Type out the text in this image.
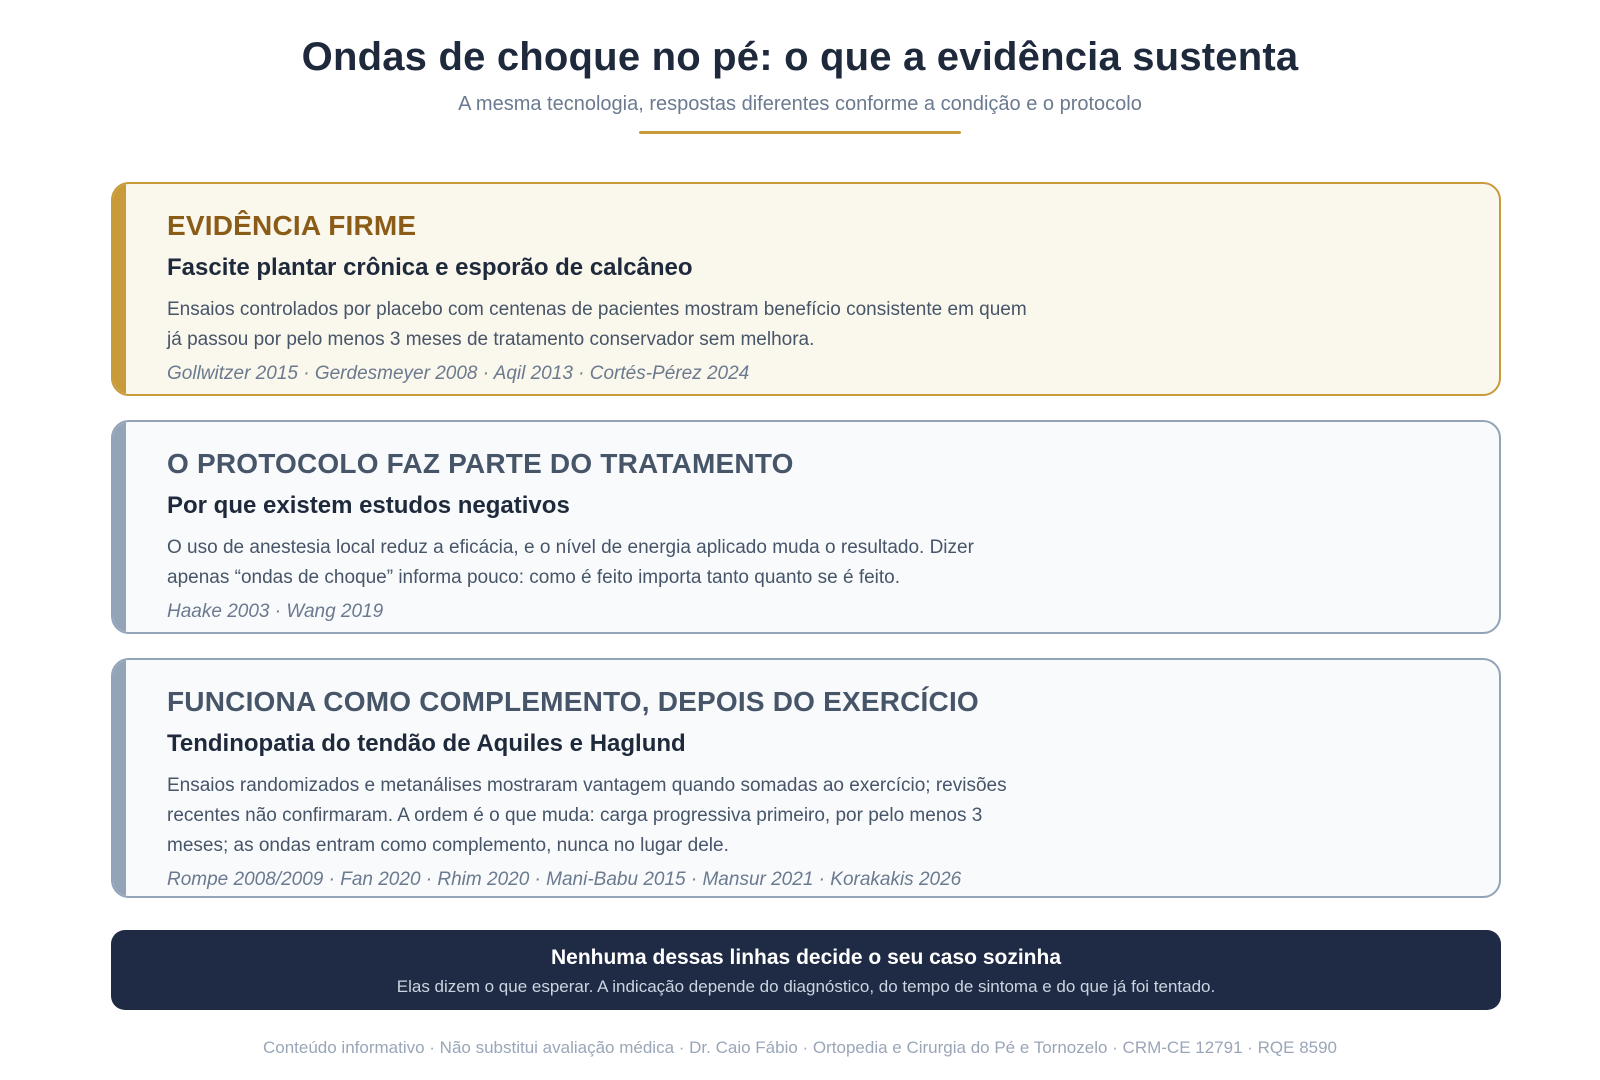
Ondas de choque no pé: o que a evidência sustenta

A mesma tecnologia, respostas diferentes conforme a condição e o protocolo

EVIDÊNCIA FIRME
Fascite plantar crônica e esporão de calcâneo

Ensaios controlados por placebo com centenas de pacientes mostram benefício consistente em quem já passou por pelo menos 3 meses de tratamento conservador sem melhora.

Gollwitzer 2015 · Gerdesmeyer 2008 · Aqil 2013 · Cortés-Pérez 2024

O PROTOCOLO FAZ PARTE DO TRATAMENTO
Por que existem estudos negativos

O uso de anestesia local reduz a eficácia, e o nível de energia aplicado muda o resultado. Dizer apenas “ondas de choque” informa pouco: como é feito importa tanto quanto se é feito.

Haake 2003 · Wang 2019

FUNCIONA COMO COMPLEMENTO, DEPOIS DO EXERCÍCIO
Tendinopatia do tendão de Aquiles e Haglund

Ensaios randomizados e metanálises mostraram vantagem quando somadas ao exercício; revisões recentes não confirmaram. A ordem é o que muda: carga progressiva primeiro, por pelo menos 3 meses; as ondas entram como complemento, nunca no lugar dele.

Rompe 2008/2009 · Fan 2020 · Rhim 2020 · Mani-Babu 2015 · Mansur 2021 · Korakakis 2026

Nenhuma dessas linhas decide o seu caso sozinha

Elas dizem o que esperar. A indicação depende do diagnóstico, do tempo de sintoma e do que já foi tentado.

Conteúdo informativo · Não substitui avaliação médica · Dr. Caio Fábio · Ortopedia e Cirurgia do Pé e Tornozelo · CRM-CE 12791 · RQE 8590
